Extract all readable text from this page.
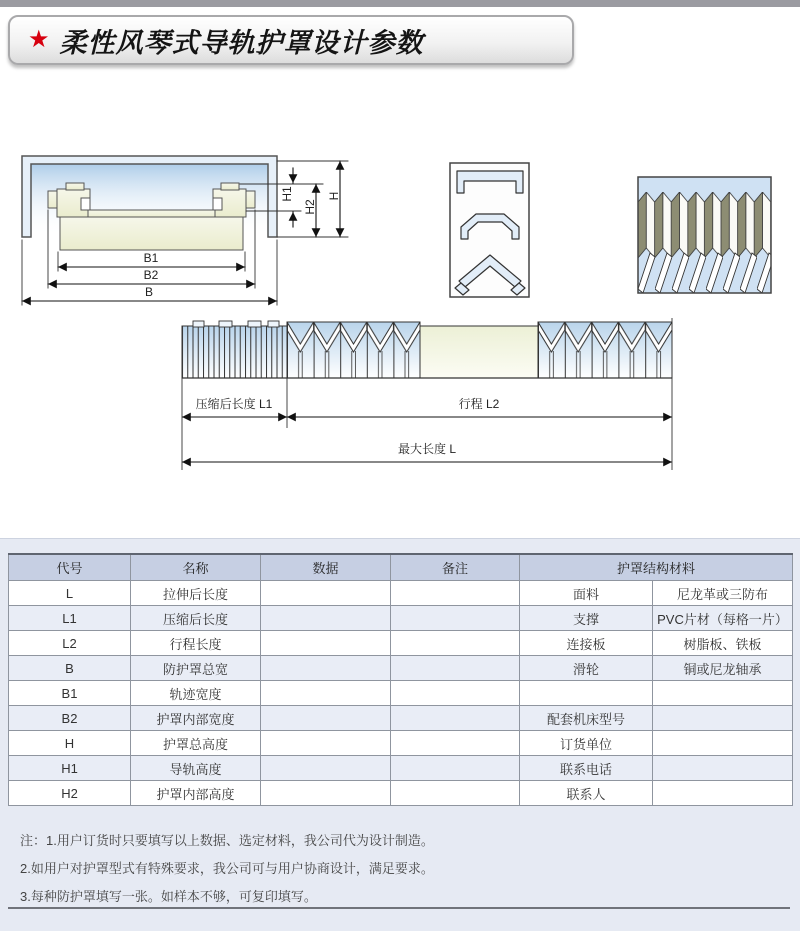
★ 柔性风琴式导轨护罩设计参数
B1
B2
B
H
H2
H1
压缩后长度 L1	行程 L2
最大长度 L
代号	名称	数据	备注	护罩结构材料	
L	拉伸后长度			面料	尼龙革或三防布
L1	压缩后长度			支撑	PVC片材（每格一片）
L2	行程长度			连接板	树脂板、铁板
B	防护罩总宽			滑轮	铜或尼龙轴承
B1	轨迹宽度				
B2	护罩内部宽度			配套机床型号	
H	护罩总高度			订货单位	
H1	导轨高度			联系电话	
H2	护罩内部高度			联系人	
注：1.用户订货时只要填写以上数据、选定材料，我公司代为设计制造。
2.如用户对护罩型式有特殊要求，我公司可与用户协商设计，满足要求。
3.每种防护罩填写一张。如样本不够，可复印填写。
